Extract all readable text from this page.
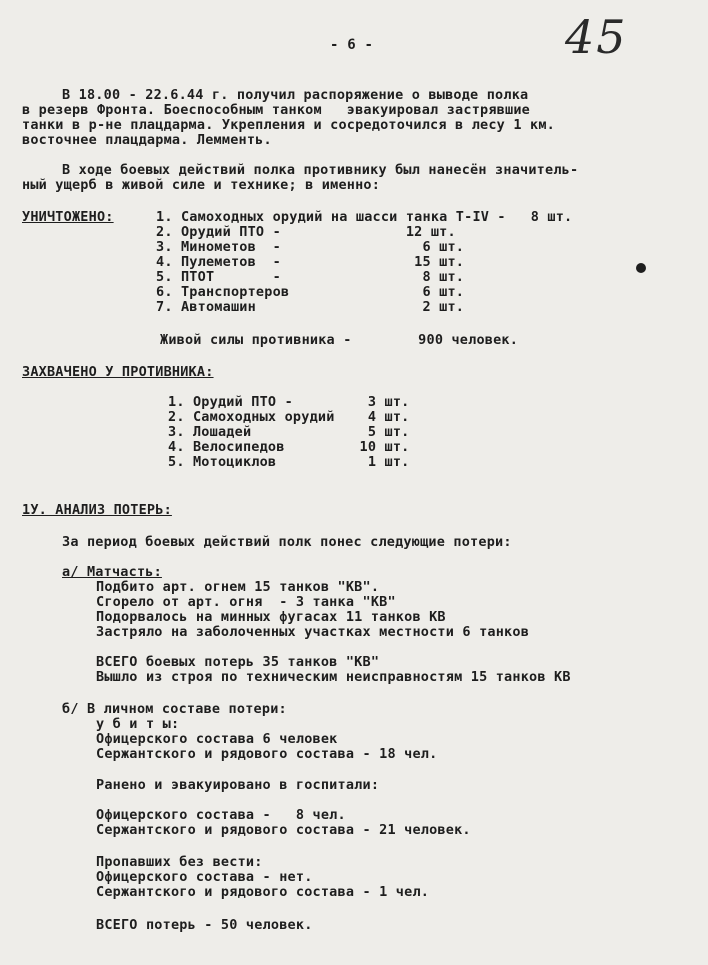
45
- 6 -
В 18.00 - 22.6.44 г. получил распоряжение о выводе полка
в резерв Фронта. Боеспособным танком   эвакуировал застрявшие
танки в р-не плацдарма. Укрепления и сосредоточился в лесу 1 км.
восточнее плацдарма. Лемменть.
В ходе боевых действий полка противнику был нанесён значитель-
ный ущерб в живой силе и технике; в именно:
УНИЧТОЖЕНО:	1. Самоходных орудий на шасси танка Т-IV -   8 шт.
2. Орудий ПТО -               12 шт.
3. Минометов  -                 6 шт.
4. Пулеметов  -                15 шт.
5. ПТОТ       -                 8 шт.
6. Транспортеров                6 шт.
7. Автомашин                    2 шт.
Живой силы противника -        900 человек.
ЗАХВАЧЕНО У ПРОТИВНИКА:
1. Орудий ПТО -         3 шт.
2. Самоходных орудий    4 шт.
3. Лошадей              5 шт.
4. Велосипедов         10 шт.
5. Мотоциклов           1 шт.
1У. АНАЛИЗ ПОТЕРЬ:
За период боевых действий полк понес следующие потери:
а/ Матчасть:
Подбито арт. огнем 15 танков "КВ".
Сгорело от арт. огня  - 3 танка "КВ"
Подорвалось на минных фугасах 11 танков КВ
Застряло на заболоченных участках местности 6 танков
ВСЕГО боевых потерь 35 танков "КВ"
Вышло из строя по техническим неисправностям 15 танков КВ
б/ В личном составе потери:
у б и т ы:
Офицерского состава 6 человек
Сержантского и рядового состава - 18 чел.
Ранено и эвакуировано в госпитали:
Офицерского состава -   8 чел.
Сержантского и рядового состава - 21 человек.
Пропавших без вести:
Офицерского состава - нет.
Сержантского и рядового состава - 1 чел.
ВСЕГО потерь - 50 человек.
